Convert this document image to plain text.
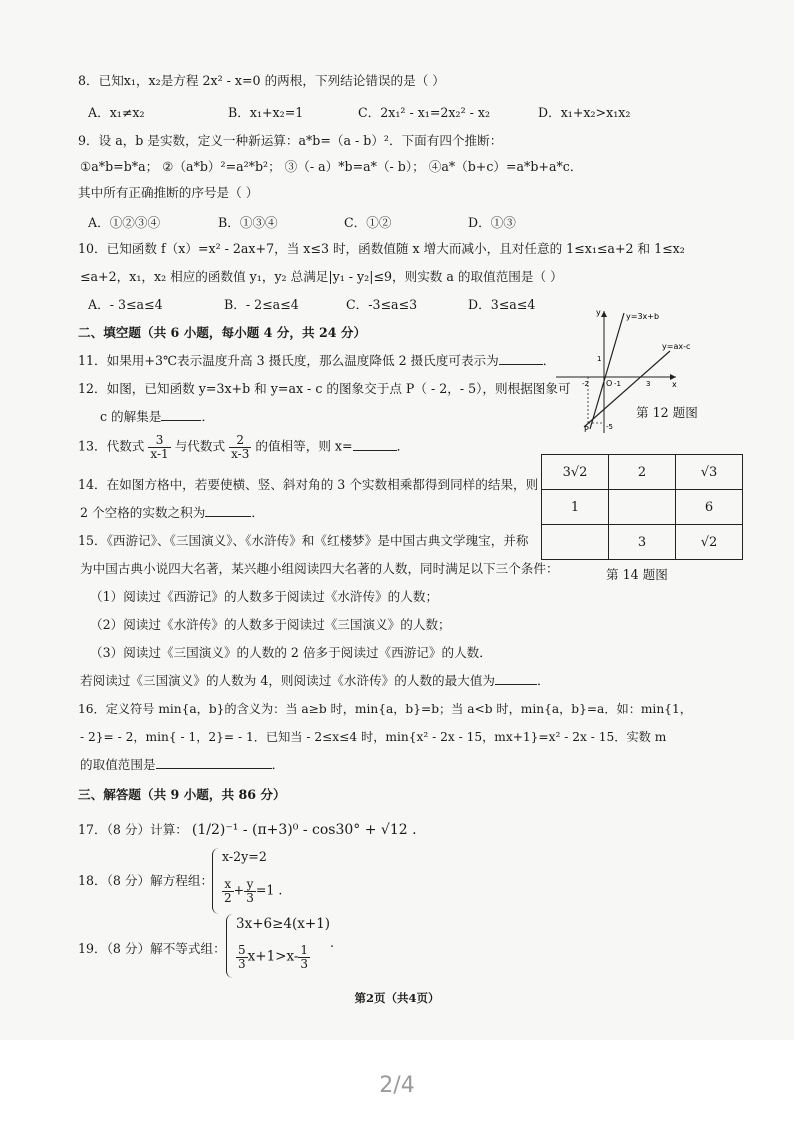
8．已知x₁，x₂是方程 2x² - x=0 的两根，下列结论错误的是（ ）
A．x₁≠x₂	B．x₁+x₂=1	C．2x₁² - x₁=2x₂² - x₂	D．x₁+x₂>x₁x₂
9．设 a，b 是实数，定义一种新运算：a*b=（a - b）²．下面有四个推断：
①a*b=b*a； ②（a*b）²=a²*b²； ③（- a）*b=a*（- b）； ④a*（b+c）=a*b+a*c．
其中所有正确推断的序号是（ ）
A．①②③④	B．①③④	C．①②	D．①③
10．已知函数 f（x）=x² - 2ax+7，当 x≤3 时，函数值随 x 增大而减小，且对任意的 1≤x₁≤a+2 和 1≤x₂
≤a+2，x₁，x₂ 相应的函数值 y₁，y₂ 总满足|y₁ - y₂|≤9，则实数 a 的取值范围是（ ）
A．- 3≤a≤4	B．- 2≤a≤4	C．-3≤a≤3	D．3≤a≤4
二、填空题（共 6 小题，每小题 4 分，共 24 分）
11．如果用+3℃表示温度升高 3 摄氏度，那么温度降低 2 摄氏度可表示为	．
12．如图，已知函数 y=3x+b 和 y=ax - c 的图象交于点 P（ - 2，- 5），则根据图象可
c 的解集是	．
13．代数式 $\frac{3}{x-1}$ 与代数式 $\frac{2}{x-3}$ 的值相等，则 x=	．
14．在如图方格中，若要使横、竖、斜对角的 3 个实数相乘都得到同样的结果，则
2 个空格的实数之积为	．
15．《西游记》、《三国演义》、《水浒传》和《红楼梦》是中国古典文学瑰宝，并称
为中国古典小说四大名著，某兴趣小组阅读四大名著的人数，同时满足以下三个条件：
（1）阅读过《西游记》的人数多于阅读过《水浒传》的人数；
（2）阅读过《水浒传》的人数多于阅读过《三国演义》的人数；
（3）阅读过《三国演义》的人数的 2 倍多于阅读过《西游记》的人数．
若阅读过《三国演义》的人数为 4，则阅读过《水浒传》的人数的最大值为	．
16．定义符号 min{a，b}的含义为：当 a≥b 时，min{a，b}=b；当 a<b 时，min{a，b}=a．如：min{1，
- 2}= - 2，min{ - 1，2}= - 1．已知当 - 2≤x≤4 时，min{x² - 2x - 15，mx+1}=x² - 2x - 15．实数 m
的取值范围是	．
三、解答题（共 9 小题，共 86 分）
17．（8 分）计算： (1/2)⁻¹ - (π+3)⁰ - cos30° + √12 .
18．（8 分）解方程组：
x-2y=2
$\frac{x}{2} + \frac{y}{3} =1$ .
19．（8 分）解不等式组：
3x+6≥4(x+1)
$\frac{5}{3} x+1>x- \frac{1}{3}$
.
y=3x+b
y=ax-c
x
y
O
-2	-1	3
1
-5
P
第 12 题图
3√2	2	√3
1		6
	3	√2
第 14 题图
第2页（共4页）
2/4
